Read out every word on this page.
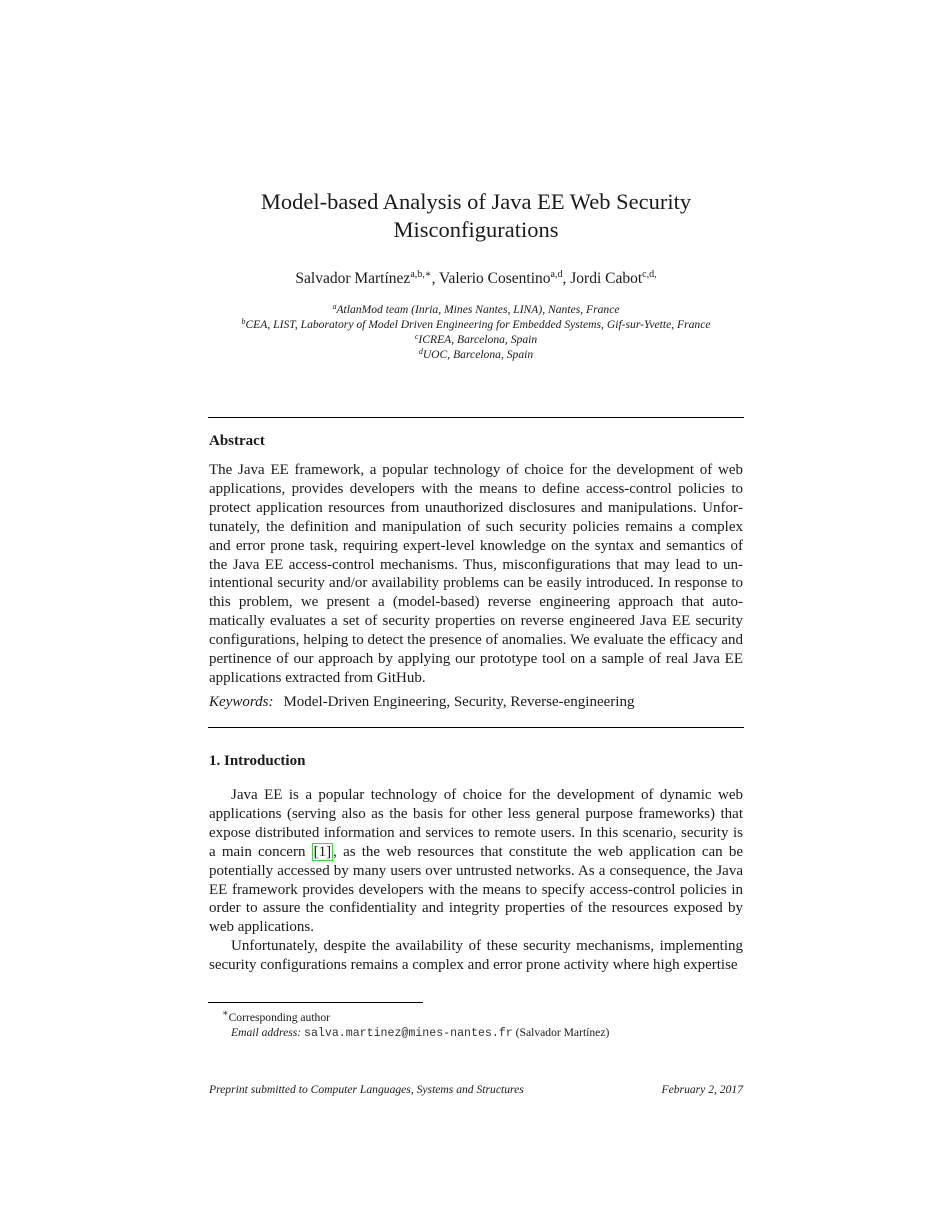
Model-based Analysis of Java EE Web Security
Misconfigurations
Salvador Martínez$^{a,b,∗}$, Valerio Cosentino$^{a,d}$, Jordi Cabot$^{c,d,}$
$^a$AtlanMod team (Inria, Mines Nantes, LINA), Nantes, France
$^b$CEA, LIST, Laboratory of Model Driven Engineering for Embedded Systems, Gif-sur-Yvette, France
$^c$ICREA, Barcelona, Spain
$^d$UOC, Barcelona, Spain
Abstract

The Java EE framework, a popular technology of choice for the development of web applications, provides developers with the means to define access-control policies to protect application resources from unauthorized disclosures and manipulations. Unfortunately, the definition and manipulation of such security policies remains a complex and error prone task, requiring expert-level knowledge on the syntax and semantics of the Java EE access-control mechanisms. Thus, misconfigurations that may lead to unintentional security and/or availability problems can be easily introduced. In response to this problem, we present a (model-based) reverse engineering approach that automatically evaluates a set of security properties on reverse engineered Java EE security configurations, helping to detect the presence of anomalies. We evaluate the efficacy and pertinence of our approach by applying our prototype tool on a sample of real Java EE applications extracted from GitHub.

Keywords: Model-Driven Engineering, Security, Reverse-engineering
1. Introduction

Java EE is a popular technology of choice for the development of dynamic web applications (serving also as the basis for other less general purpose frameworks) that expose distributed information and services to remote users. In this scenario, security is a main concern [1] , as the web resources that constitute the web application can be potentially accessed by many users over untrusted networks. As a consequence, the Java EE framework provides developers with the means to specify access-control policies in order to assure the confidentiality and integrity properties of the resources exposed by web applications.

Unfortunately, despite the availability of these security mechanisms, implementing security configurations remains a complex and error prone activity where high expertise

∗Corresponding author
Email address: salva.martinez@mines-nantes.fr (Salvador Martínez)
Preprint submitted to Computer Languages, Systems and Structures	February 2, 2017
